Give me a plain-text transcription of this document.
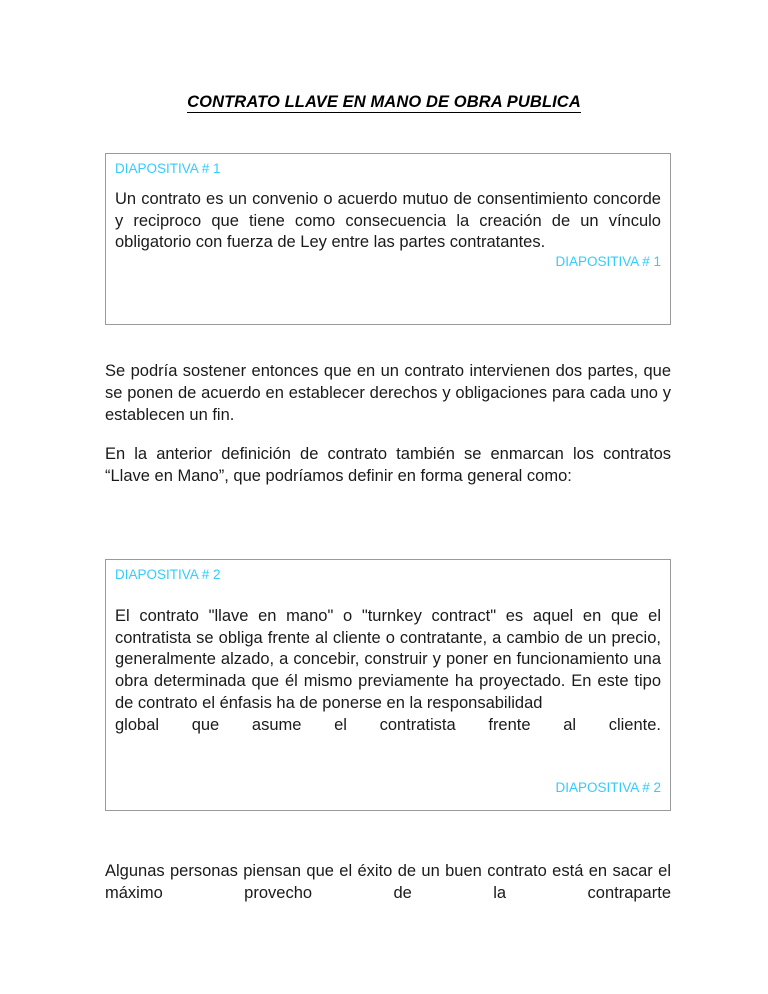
CONTRATO LLAVE EN MANO DE OBRA PUBLICA
DIAPOSITIVA # 1

Un contrato es un convenio o acuerdo mutuo de consentimiento concorde y reciproco que tiene como consecuencia la creación de un vínculo obligatorio con fuerza de Ley entre las partes contratantes.

DIAPOSITIVA # 1

Se podría sostener entonces que en un contrato intervienen dos partes, que se ponen de acuerdo en establecer derechos y obligaciones para cada uno y establecen un fin.

En la anterior definición de contrato también se enmarcan los contratos “Llave en Mano”, que podríamos definir en forma general como:

DIAPOSITIVA # 2

El contrato "llave en mano" o "turnkey contract" es aquel en que el contratista se obliga frente al cliente o contratante, a cambio de un precio, generalmente alzado, a concebir, construir y poner en funcionamiento una obra determinada que él mismo previamente ha proyectado. En este tipo de contrato el énfasis ha de ponerse en la responsabilidad
global que asume el contratista frente al cliente.

DIAPOSITIVA # 2

Algunas personas piensan que el éxito de un buen contrato está en sacar el máximo provecho de la contraparte
